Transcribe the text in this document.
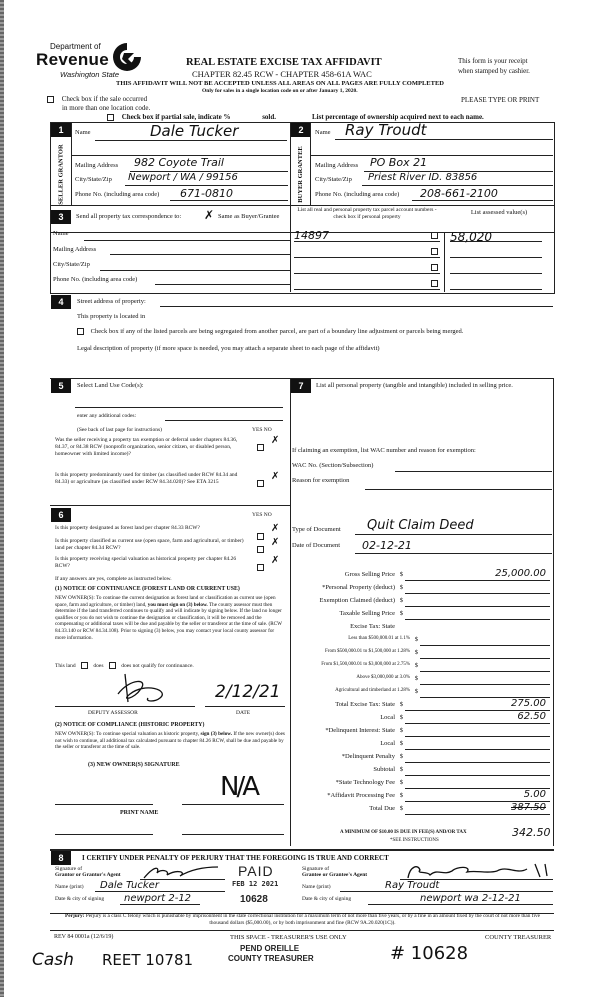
Department of
Revenue
Washington State
REAL ESTATE EXCISE TAX AFFIDAVIT
CHAPTER 82.45 RCW - CHAPTER 458-61A WAC
THIS AFFIDAVIT WILL NOT BE ACCEPTED UNLESS ALL AREAS ON ALL PAGES ARE FULLY COMPLETED
Only for sales in a single location code on or after January 1, 2020.
This form is your receipt
when stamped by cashier.
PLEASE TYPE OR PRINT
Check box if the sale occurred
in more than one location code.
Check box if partial sale, indicate %	sold.	List percentage of ownership acquired next to each name.
1
SELLER GRANTOR
Name	Dale Tucker
Mailing Address 982 Coyote Trail
City/State/Zip Newport / WA / 99156
Phone No. (including area code) 671-0810
2
BUYER GRANTEE
Name Ray Troudt
Mailing Address PO Box 21
City/State/Zip Priest River ID. 83856
Phone No. (including area code) 208-661-2100
3	Send all property tax correspondence to: ✗ Same as Buyer/Grantee
Name
Mailing Address
City/State/Zip
Phone No. (including area code)
List all real and personal property tax parcel account numbers - check box if personal property
List assessed value(s)
14897	58,020
4	Street address of property:
This property is located in
Check box if any of the listed parcels are being segregated from another parcel, are part of a boundary line adjustment or parcels being merged.
Legal description of property (if more space is needed, you may attach a separate sheet to each page of the affidavit)
5	Select Land Use Code(s):
enter any additional codes:
(See back of last page for instructions)	YES NO
Was the seller receiving a property tax exemption or deferral under chapters 84.36, 84.37, or 84.38 RCW (nonprofit organization, senior citizen, or disabled person, homeowner with limited income)?
✗
Is this property predominantly used for timber (as classified under RCW 84.34 and 84.33) or agriculture (as classified under RCW 84.34.020)? See ETA 3215	✗
6	YES NO
Is this property designated as forest land per chapter 84.33 RCW?	✗
Is this property classified as current use (open space, farm and agricultural, or timber) land per chapter 84.34 RCW?	✗
Is this property receiving special valuation as historical property per chapter 84.26 RCW?	✗
If any answers are yes, complete as instructed below.
(1) NOTICE OF CONTINUANCE (FOREST LAND OR CURRENT USE)
NEW OWNER(S): To continue the current designation as forest land or classification as current use (open space, farm and agriculture, or timber) land, you must sign on (3) below. The county assessor must then determine if the land transferred continues to qualify and will indicate by signing below. If the land no longer qualifies or you do not wish to continue the designation or classification, it will be removed and the compensating or additional taxes will be due and payable by the seller or transferor at the time of sale. (RCW 84.33.140 or RCW 84.34.108). Prior to signing (3) below, you may contact your local county assessor for more information.
This land	does	does not qualify for continuance.
2/12/21
DEPUTY ASSESSOR	DATE
(2) NOTICE OF COMPLIANCE (HISTORIC PROPERTY)
NEW OWNER(S): To continue special valuation as historic property, sign (3) below. If the new owner(s) does not wish to continue, all additional tax calculated pursuant to chapter 84.26 RCW, shall be due and payable by the seller or transferor at the time of sale.
(3) NEW OWNER(S) SIGNATURE
N/A
PRINT NAME
7	List all personal property (tangible and intangible) included in selling price.
If claiming an exemption, list WAC number and reason for exemption:
WAC No. (Section/Subsection)
Reason for exemption
Type of Document Quit Claim Deed
Date of Document 02-12-21
Gross Selling Price $	25,000.00
*Personal Property (deduct) $
Exemption Claimed (deduct) $
Taxable Selling Price $
Excise Tax: State
Less than $500,000.01 at 1.1% $
From $500,000.01 to $1,500,000 at 1.28% $
From $1,500,000.01 to $3,000,000 at 2.75% $
Above $3,000,000 at 3.0% $
Agricultural and timberland at 1.28% $
Total Excise Tax: State $	275.00
Local $	62.50
*Delinquent Interest: State $
Local $
*Delinquent Penalty $
Subtotal $
*State Technology Fee $
*Affidavit Processing Fee $	5.00
Total Due $	387.50
A MINIMUM OF $10.00 IS DUE IN FEE(S) AND/OR TAX	342.50
*SEE INSTRUCTIONS
8	I CERTIFY UNDER PENALTY OF PERJURY THAT THE FOREGOING IS TRUE AND CORRECT
Signature of
Grantor or Grantor's Agent
Name (print) Dale Tucker
Date & city of signing newport 2-12
Signature of
Grantee or Grantee's Agent
Name (print)	Ray Troudt
Date & city of signing	newport wa 2-12-21
PAID
FEB 12 2021
10628
Perjury: Perjury is a class C felony which is punishable by imprisonment in the state correctional institution for a maximum term of not more than five years, or by a fine in an amount fixed by the court of not more than five thousand dollars ($5,000.00), or by both imprisonment and fine (RCW 9A.20.020(1C)).
REV 84 0001a (12/6/19)	THIS SPACE - TREASURER'S USE ONLY	COUNTY TREASURER
PEND OREILLE
COUNTY TREASURER	# 10628
Cash REET 10781
